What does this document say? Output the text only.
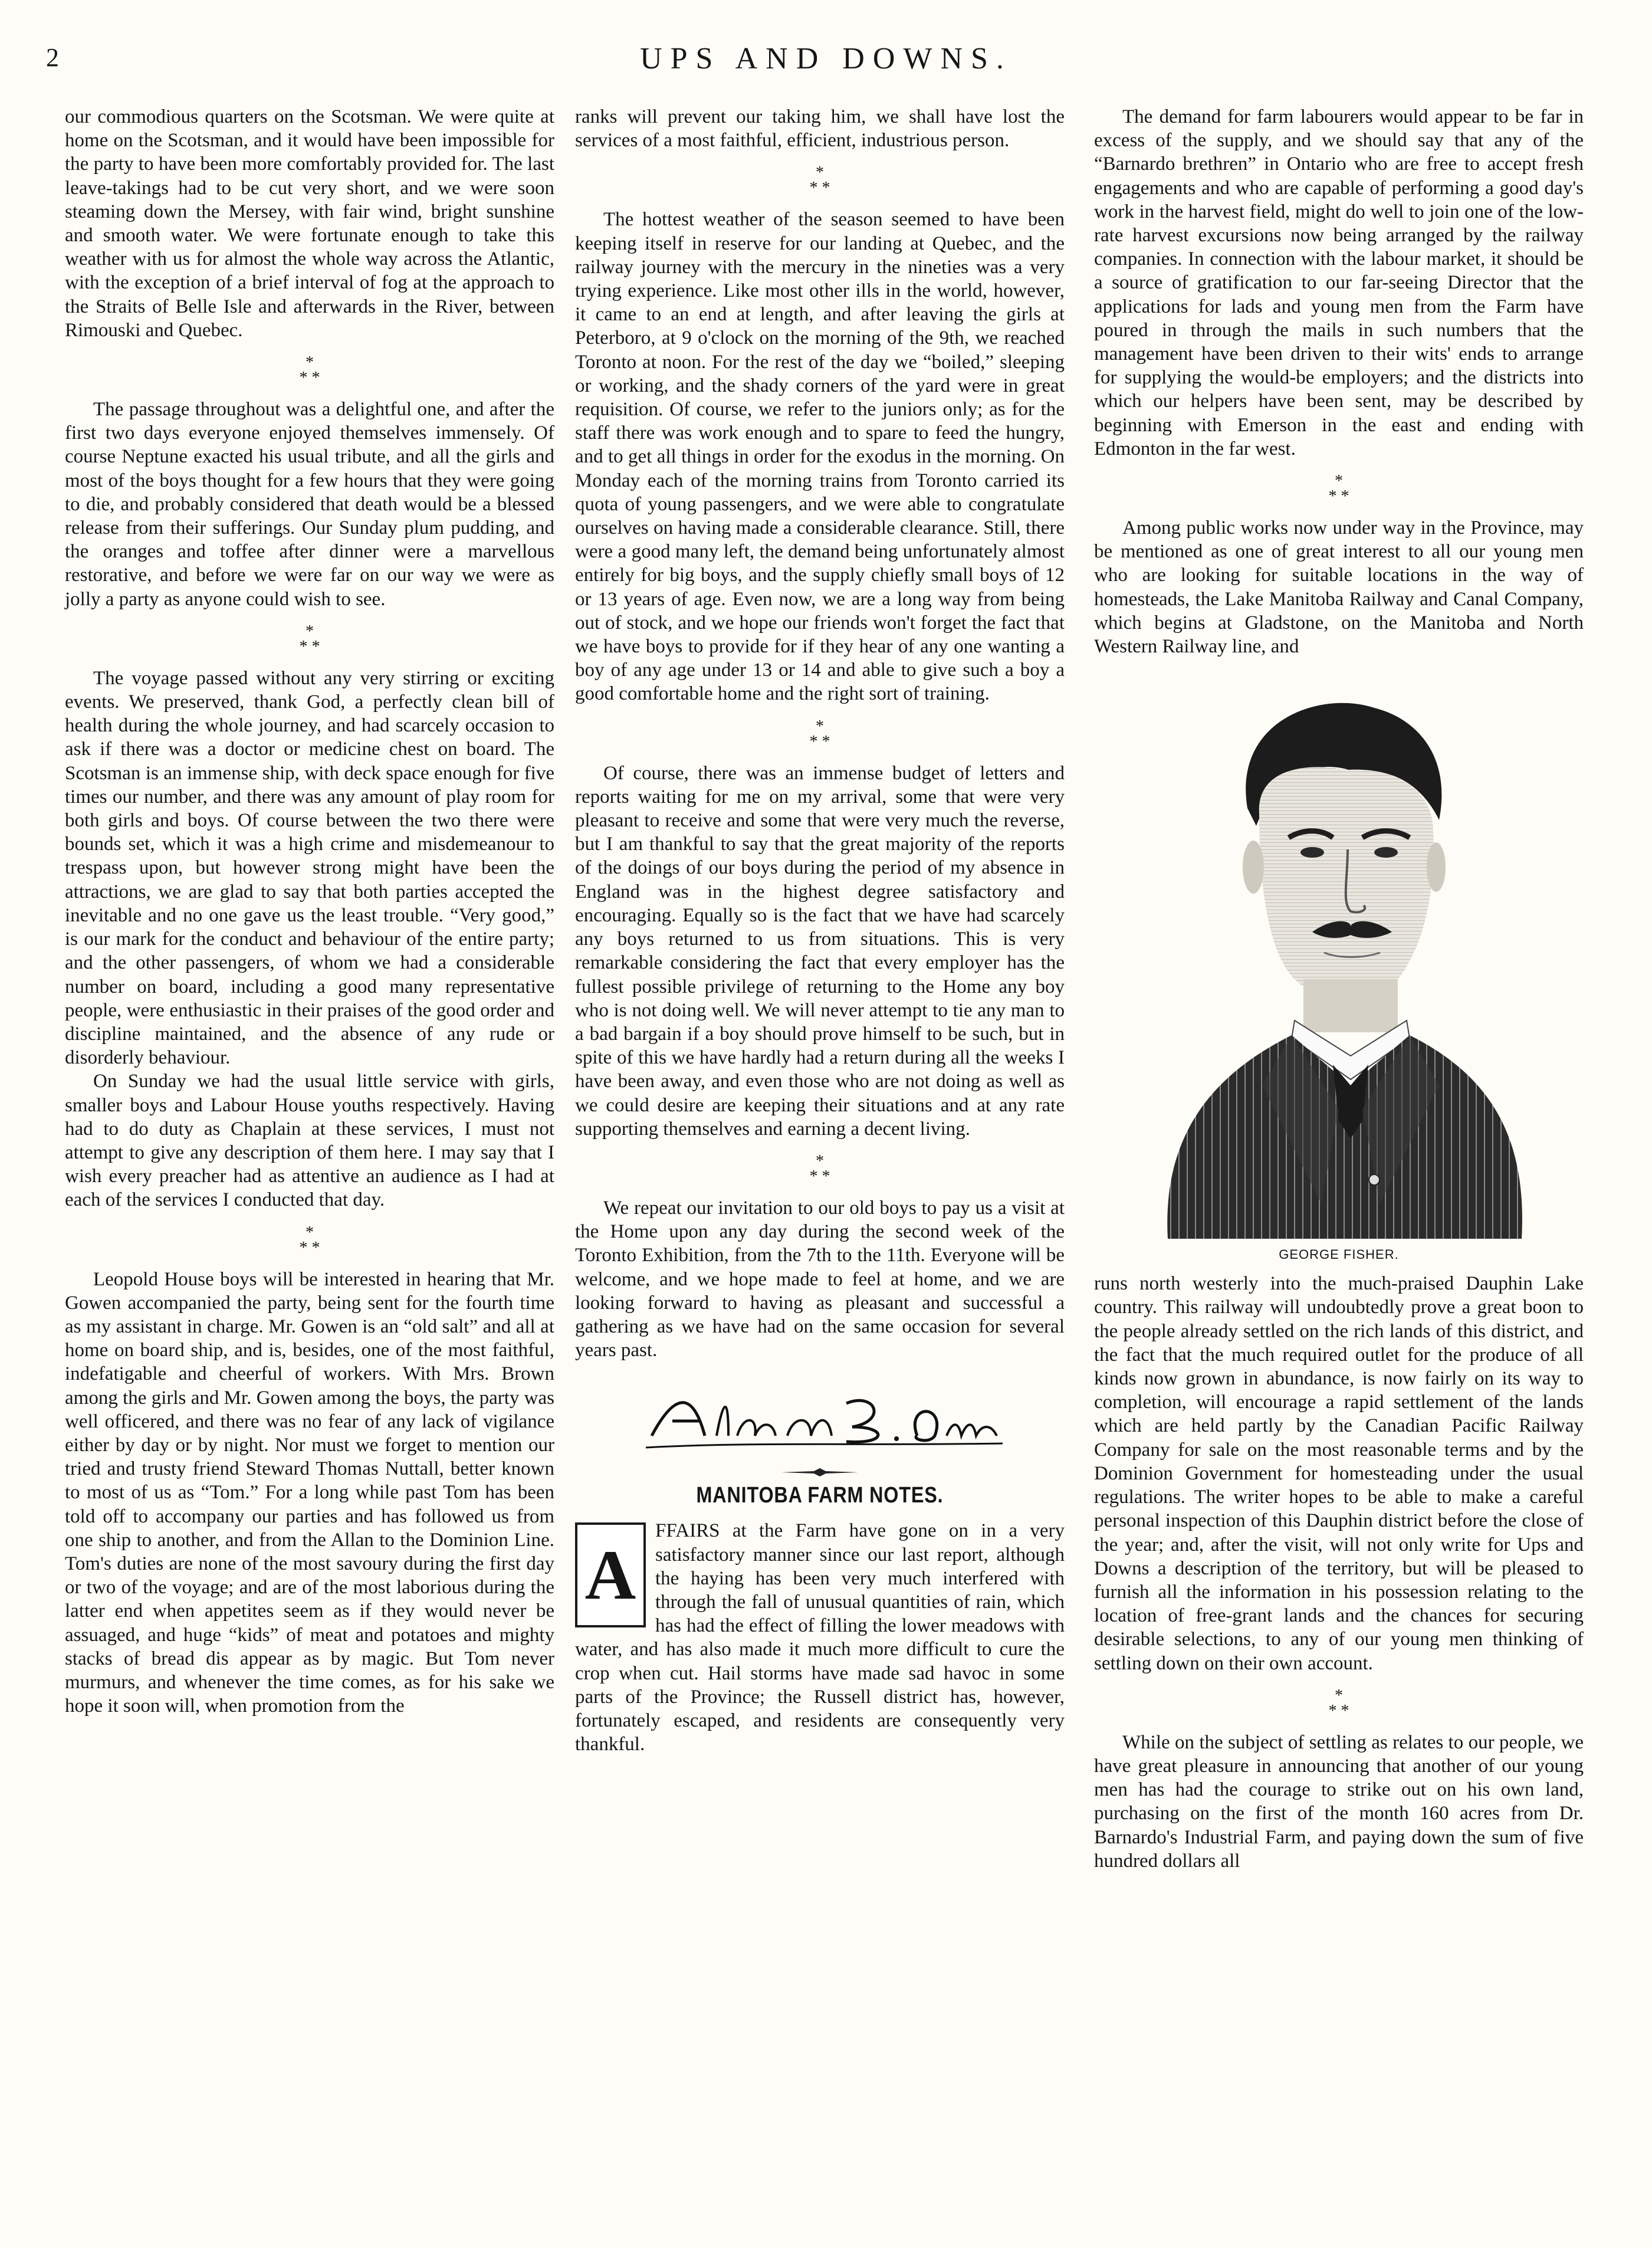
2	UPS AND DOWNS.

our commodious quarters on the Scotsman. We were quite at home on the Scotsman, and it would have been impossible for the party to have been more comfortably provided for. The last leave-takings had to be cut very short, and we were soon steaming down the Mersey, with fair wind, bright sunshine and smooth water. We were fortunate enough to take this weather with us for almost the whole way across the Atlantic, with the exception of a brief interval of fog at the approach to the Straits of Belle Isle and afterwards in the River, between Rimouski and Quebec.

*
* *

The passage throughout was a delightful one, and after the first two days everyone enjoyed themselves immensely. Of course Neptune exacted his usual tribute, and all the girls and most of the boys thought for a few hours that they were going to die, and probably considered that death would be a blessed release from their sufferings. Our Sunday plum pudding, and the oranges and toffee after dinner were a marvellous restorative, and before we were far on our way we were as jolly a party as anyone could wish to see.

*
* *

The voyage passed without any very stirring or exciting events. We preserved, thank God, a perfectly clean bill of health during the whole journey, and had scarcely occasion to ask if there was a doctor or medicine chest on board. The Scotsman is an immense ship, with deck space enough for five times our number, and there was any amount of play room for both girls and boys. Of course between the two there were bounds set, which it was a high crime and misdemeanour to trespass upon, but however strong might have been the attractions, we are glad to say that both parties accepted the inevitable and no one gave us the least trouble. “Very good,” is our mark for the conduct and behaviour of the entire party; and the other passengers, of whom we had a considerable number on board, including a good many representative people, were enthusiastic in their praises of the good order and discipline maintained, and the absence of any rude or disorderly behaviour.

On Sunday we had the usual little service with girls, smaller boys and Labour House youths respectively. Having had to do duty as Chaplain at these services, I must not attempt to give any description of them here. I may say that I wish every preacher had as attentive an audience as I had at each of the services I conducted that day.

*
* *

Leopold House boys will be interested in hearing that Mr. Gowen accompanied the party, being sent for the fourth time as my assistant in charge. Mr. Gowen is an “old salt” and all at home on board ship, and is, besides, one of the most faithful, indefatigable and cheerful of workers. With Mrs. Brown among the girls and Mr. Gowen among the boys, the party was well officered, and there was no fear of any lack of vigilance either by day or by night. Nor must we forget to mention our tried and trusty friend Steward Thomas Nuttall, better known to most of us as “Tom.” For a long while past Tom has been told off to accompany our parties and has followed us from one ship to another, and from the Allan to the Dominion Line. Tom's duties are none of the most savoury during the first day or two of the voyage; and are of the most laborious during the latter end when appetites seem as if they would never be assuaged, and huge “kids” of meat and potatoes and mighty stacks of bread dis appear as by magic. But Tom never murmurs, and whenever the time comes, as for his sake we hope it soon will, when promotion from the

ranks will prevent our taking him, we shall have lost the services of a most faithful, efficient, industrious person.

*
* *

The hottest weather of the season seemed to have been keeping itself in reserve for our landing at Quebec, and the railway journey with the mercury in the nineties was a very trying experience. Like most other ills in the world, however, it came to an end at length, and after leaving the girls at Peterboro, at 9 o'clock on the morning of the 9th, we reached Toronto at noon. For the rest of the day we “boiled,” sleeping or working, and the shady corners of the yard were in great requisition. Of course, we refer to the juniors only; as for the staff there was work enough and to spare to feed the hungry, and to get all things in order for the exodus in the morning. On Monday each of the morning trains from Toronto carried its quota of young passengers, and we were able to congratulate ourselves on having made a considerable clearance. Still, there were a good many left, the demand being unfortunately almost entirely for big boys, and the supply chiefly small boys of 12 or 13 years of age. Even now, we are a long way from being out of stock, and we hope our friends won't forget the fact that we have boys to provide for if they hear of any one wanting a boy of any age under 13 or 14 and able to give such a boy a good comfortable home and the right sort of training.

*
* *

Of course, there was an immense budget of letters and reports waiting for me on my arrival, some that were very pleasant to receive and some that were very much the reverse, but I am thankful to say that the great majority of the reports of the doings of our boys during the period of my absence in England was in the highest degree satisfactory and encouraging. Equally so is the fact that we have had scarcely any boys returned to us from situations. This is very remarkable considering the fact that every employer has the fullest possible privilege of returning to the Home any boy who is not doing well. We will never attempt to tie any man to a bad bargain if a boy should prove himself to be such, but in spite of this we have hardly had a return during all the weeks I have been away, and even those who are not doing as well as we could desire are keeping their situations and at any rate supporting themselves and earning a decent living.

*
* *

We repeat our invitation to our old boys to pay us a visit at the Home upon any day during the second week of the Toronto Exhibition, from the 7th to the 11th. Everyone will be welcome, and we hope made to feel at home, and we are looking forward to having as pleasant and successful a gathering as we have had on the same occasion for several years past.

MANITOBA FARM NOTES.
A

FFAIRS at the Farm have gone on in a very satisfactory manner since our last report, although the haying has been very much interfered with through the fall of unusual quantities of rain, which has had the effect of filling the lower meadows with water, and has also made it much more difficult to cure the crop when cut. Hail storms have made sad havoc in some parts of the Province; the Russell district has, however, fortunately escaped, and residents are consequently very thankful.

The demand for farm labourers would appear to be far in excess of the supply, and we should say that any of the “Barnardo brethren” in Ontario who are free to accept fresh engagements and who are capable of performing a good day's work in the harvest field, might do well to join one of the low-rate harvest excursions now being arranged by the railway companies. In connection with the labour market, it should be a source of gratification to our far-seeing Director that the applications for lads and young men from the Farm have poured in through the mails in such numbers that the management have been driven to their wits' ends to arrange for supplying the would-be employers; and the districts into which our helpers have been sent, may be described by beginning with Emerson in the east and ending with Edmonton in the far west.

*
* *

Among public works now under way in the Province, may be mentioned as one of great interest to all our young men who are looking for suitable locations in the way of homesteads, the Lake Manitoba Railway and Canal Company, which begins at Gladstone, on the Manitoba and North Western Railway line, and

GEORGE FISHER.

runs north westerly into the much-praised Dauphin Lake country. This railway will undoubtedly prove a great boon to the people already settled on the rich lands of this district, and the fact that the much required outlet for the produce of all kinds now grown in abundance, is now fairly on its way to completion, will encourage a rapid settlement of the lands which are held partly by the Canadian Pacific Railway Company for sale on the most reasonable terms and by the Dominion Government for homesteading under the usual regulations. The writer hopes to be able to make a careful personal inspection of this Dauphin district before the close of the year; and, after the visit, will not only write for Ups and Downs a description of the territory, but will be pleased to furnish all the information in his possession relating to the location of free-grant lands and the chances for securing desirable selections, to any of our young men thinking of settling down on their own account.

*
* *

While on the subject of settling as relates to our people, we have great pleasure in announcing that another of our young men has had the courage to strike out on his own land, purchasing on the first of the month 160 acres from Dr. Barnardo's Industrial Farm, and paying down the sum of five hundred dollars all
